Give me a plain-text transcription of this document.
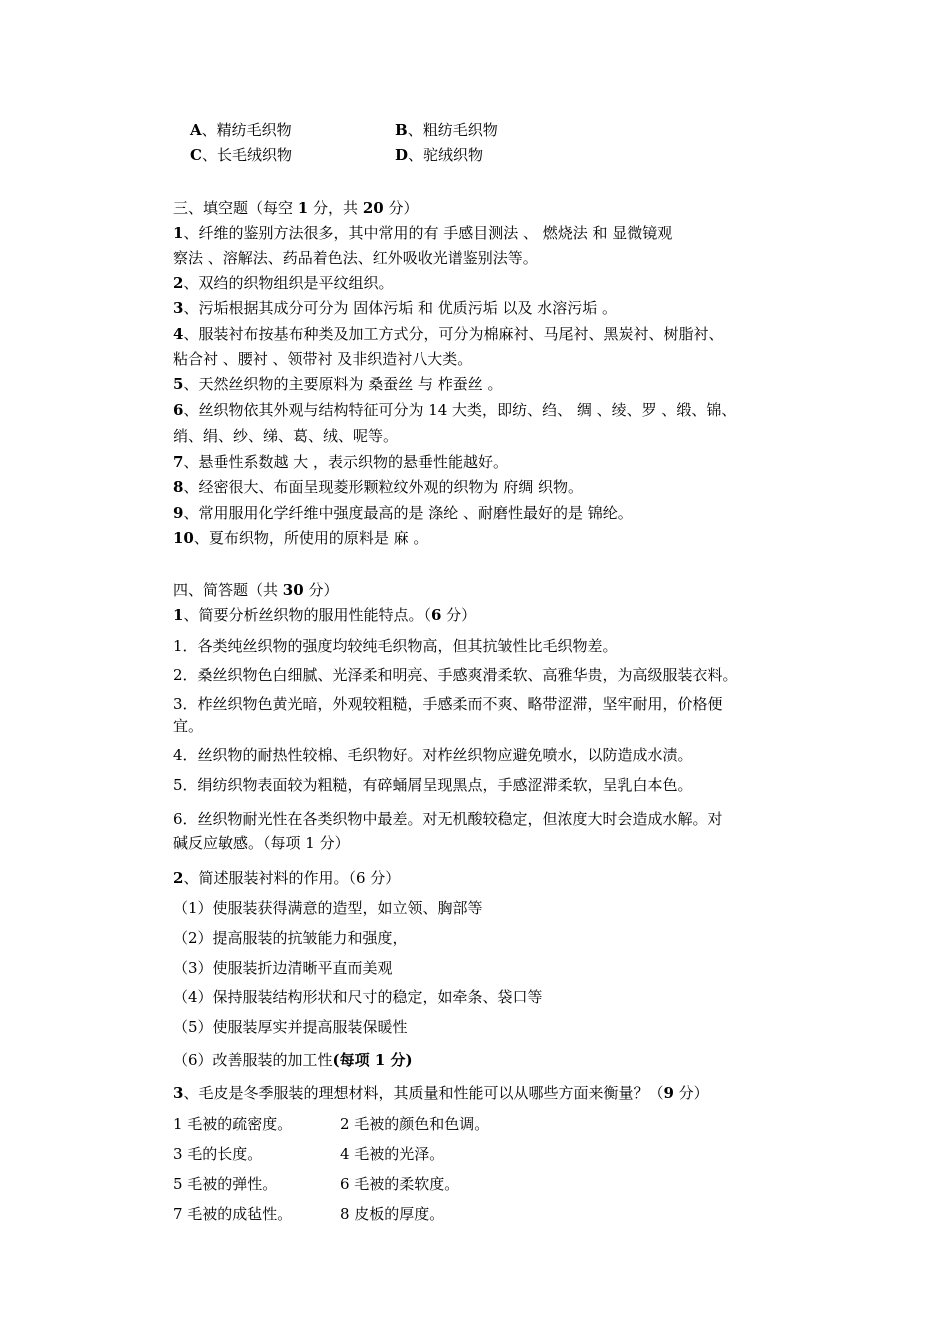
A、精纺毛织物	B、粗纺毛织物
C、长毛绒织物	D、驼绒织物
三、填空题（每空 1 分，共 20 分）
1、纤维的鉴别方法很多，其中常用的有 手感目测法 、 燃烧法 和 显微镜观
察法 、溶解法、药品着色法、红外吸收光谱鉴别法等。
2、双绉的织物组织是平纹组织。
3、污垢根据其成分可分为 固体污垢 和 优质污垢 以及 水溶污垢 。
4、服装衬布按基布种类及加工方式分，可分为棉麻衬、马尾衬、黑炭衬、树脂衬、
粘合衬 、腰衬 、领带衬 及非织造衬八大类。
5、天然丝织物的主要原料为 桑蚕丝 与 柞蚕丝 。
6、丝织物依其外观与结构特征可分为 14 大类，即纺、绉、 绸 、绫、罗 、缎、锦、
绡、绢、纱、绨、葛、绒、呢等。
7、悬垂性系数越 大 ，表示织物的悬垂性能越好。
8、经密很大、布面呈现菱形颗粒纹外观的织物为 府绸 织物。
9、常用服用化学纤维中强度最高的是 涤纶 、耐磨性最好的是 锦纶。
10、夏布织物，所使用的原料是 麻 。
四、简答题（共 30 分）
1、简要分析丝织物的服用性能特点。（6 分）
1．各类纯丝织物的强度均较纯毛织物高，但其抗皱性比毛织物差。
2．桑丝织物色白细腻、光泽柔和明亮、手感爽滑柔软、高雅华贵，为高级服装衣料。
3．柞丝织物色黄光暗，外观较粗糙，手感柔而不爽、略带涩滞，坚牢耐用，价格便
宜。
4．丝织物的耐热性较棉、毛织物好。对柞丝织物应避免喷水，以防造成水渍。
5．绢纺织物表面较为粗糙，有碎蛹屑呈现黑点，手感涩滞柔软，呈乳白本色。
6．丝织物耐光性在各类织物中最差。对无机酸较稳定，但浓度大时会造成水解。对
碱反应敏感。（每项 1 分）
2、简述服装衬料的作用。（6 分）
（1）使服装获得满意的造型，如立领、胸部等
（2）提高服装的抗皱能力和强度，
（3）使服装折边清晰平直而美观
（4）保持服装结构形状和尺寸的稳定，如牵条、袋口等
（5）使服装厚实并提高服装保暖性
（6）改善服装的加工性(每项 1 分)
3、毛皮是冬季服装的理想材料，其质量和性能可以从哪些方面来衡量？（9 分）
1 毛被的疏密度。	2 毛被的颜色和色调。
3 毛的长度。	4 毛被的光泽。
5 毛被的弹性。	6 毛被的柔软度。
7 毛被的成毡性。	8 皮板的厚度。
